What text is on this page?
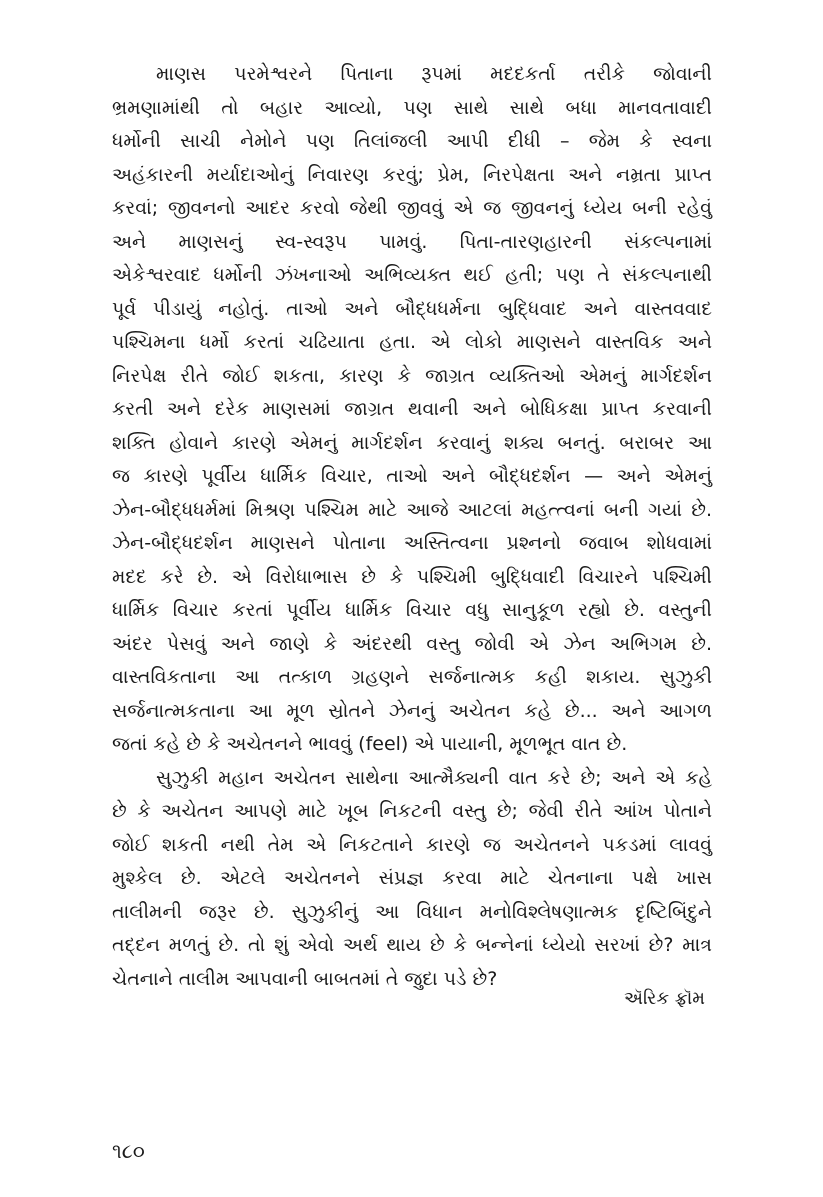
માણસ પરમેશ્વરને પિતાના રૂપમાં મદદકર્તા તરીકે જોવાની
ભ્રમણામાંથી તો બહાર આવ્યો, પણ સાથે સાથે બધા માનવતાવાદી
ધર્મોની સાચી નેમોને પણ તિલાંજલી આપી દીધી – જેમ કે સ્વના
અહંકારની મર્યાદાઓનું નિવારણ કરવું; પ્રેમ, નિરપેક્ષતા અને નમ્રતા પ્રાપ્ત
કરવાં; જીવનનો આદર કરવો જેથી જીવવું એ જ જીવનનું ધ્યેય બની રહેવું
અને માણસનું સ્વ-સ્વરૂપ પામવું. પિતા-તારણહારની સંકલ્પનામાં
એકેશ્વરવાદ ધર્મોની ઝંખનાઓ અભિવ્યક્ત થઈ હતી; પણ તે સંકલ્પનાથી
પૂર્વ પીડાયું નહોતું. તાઓ અને બૌદ્ધધર્મના બુદ્ધિવાદ અને વાસ્તવવાદ
પશ્ચિમના ધર્મો કરતાં ચઢિયાતા હતા. એ લોકો માણસને વાસ્તવિક અને
નિરપેક્ષ રીતે જોઈ શકતા, કારણ કે જાગ્રત વ્યક્તિઓ એમનું માર્ગદર્શન
કરતી અને દરેક માણસમાં જાગ્રત થવાની અને બોધિકક્ષા પ્રાપ્ત કરવાની
શક્તિ હોવાને કારણે એમનું માર્ગદર્શન કરવાનું શક્ય બનતું. બરાબર આ
જ કારણે પૂર્વીય ધાર્મિક વિચાર, તાઓ અને બૌદ્ધદર્શન — અને એમનું
ઝેન-બૌદ્ધધર્મમાં મિશ્રણ પશ્ચિમ માટે આજે આટલાં મહત્ત્વનાં બની ગયાં છે.
ઝેન-બૌદ્ધદર્શન માણસને પોતાના અસ્તિત્વના પ્રશ્નનો જવાબ શોધવામાં
મદદ કરે છે. એ વિરોધાભાસ છે કે પશ્ચિમી બુદ્ધિવાદી વિચારને પશ્ચિમી
ધાર્મિક વિચાર કરતાં પૂર્વીય ધાર્મિક વિચાર વધુ સાનુકૂળ રહ્યો છે. વસ્તુની
અંદર પેસવું અને જાણે કે અંદરથી વસ્તુ જોવી એ ઝેન અભિગમ છે.
વાસ્તવિકતાના આ તત્કાળ ગ્રહણને સર્જનાત્મક કહી શકાય. સુઝુકી
સર્જનાત્મકતાના આ મૂળ સ્રોતને ઝેનનું અચેતન કહે છે... અને આગળ
જતાં કહે છે કે અચેતનને ભાવવું (feel) એ પાયાની, મૂળભૂત વાત છે.
સુઝુકી મહાન અચેતન સાથેના આત્મૈક્યની વાત કરે છે; અને એ કહે
છે કે અચેતન આપણે માટે ખૂબ નિકટની વસ્તુ છે; જેવી રીતે આંખ પોતાને
જોઈ શકતી નથી તેમ એ નિકટતાને કારણે જ અચેતનને પકડમાં લાવવું
મુશ્કેલ છે. એટલે અચેતનને સંપ્રજ્ઞ કરવા માટે ચેતનાના પક્ષે ખાસ
તાલીમની જરૂર છે. સુઝુકીનું આ વિધાન મનોવિશ્લેષણાત્મક દૃષ્ટિબિંદુને
તદ્દન મળતું છે. તો શું એવો અર્થ થાય છે કે બન્નેનાં ધ્યેયો સરખાં છે? માત્ર
ચેતનાને તાલીમ આપવાની બાબતમાં તે જુદા પડે છે?
ઍરિક ફ્રૉમ
૧૮૦
